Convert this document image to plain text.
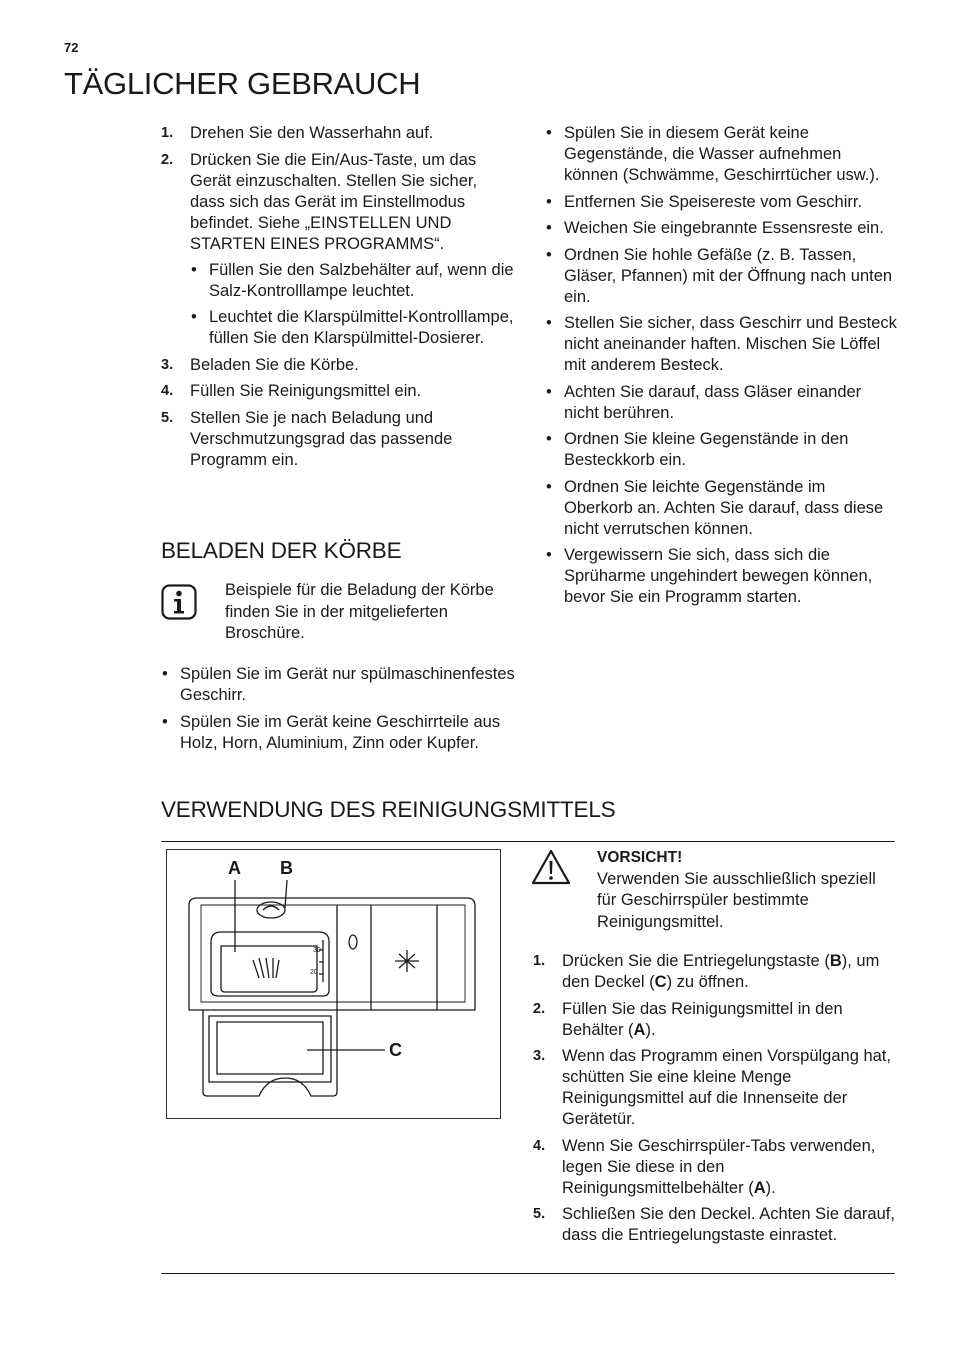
72
TÄGLICHER GEBRAUCH
1. Drehen Sie den Wasserhahn auf.
2. Drücken Sie die Ein/Aus-Taste, um das Gerät einzuschalten. Stellen Sie sicher, dass sich das Gerät im Einstellmodus befindet. Siehe „EINSTELLEN UND STARTEN EINES PROGRAMMS“.
• Füllen Sie den Salzbehälter auf, wenn die Salz-Kontrolllampe leuchtet.
• Leuchtet die Klarspülmittel-Kontrolllampe, füllen Sie den Klarspülmittel-Dosierer.
3. Beladen Sie die Körbe.
4. Füllen Sie Reinigungsmittel ein.
5. Stellen Sie je nach Beladung und Verschmutzungsgrad das passende Programm ein.
BELADEN DER KÖRBE
Beispiele für die Beladung der Körbe finden Sie in der mitgelieferten Broschüre.
• Spülen Sie im Gerät nur spülmaschinenfestes Geschirr.
• Spülen Sie im Gerät keine Geschirrteile aus Holz, Horn, Aluminium, Zinn oder Kupfer.
• Spülen Sie in diesem Gerät keine Gegenstände, die Wasser aufnehmen können (Schwämme, Geschirrtücher usw.).
• Entfernen Sie Speisereste vom Geschirr.
• Weichen Sie eingebrannte Essensreste ein.
• Ordnen Sie hohle Gefäße (z. B. Tassen, Gläser, Pfannen) mit der Öffnung nach unten ein.
• Stellen Sie sicher, dass Geschirr und Besteck nicht aneinander haften. Mischen Sie Löffel mit anderem Besteck.
• Achten Sie darauf, dass Gläser einander nicht berühren.
• Ordnen Sie kleine Gegenstände in den Besteckkorb ein.
• Ordnen Sie leichte Gegenstände im Oberkorb an. Achten Sie darauf, dass diese nicht verrutschen können.
• Vergewissern Sie sich, dass sich die Sprüharme ungehindert bewegen können, bevor Sie ein Programm starten.
VERWENDUNG DES REINIGUNGSMITTELS
A B
C
30
20
VORSICHT!
Verwenden Sie ausschließlich speziell für Geschirrspüler bestimmte Reinigungsmittel.
1. Drücken Sie die Entriegelungstaste (B), um den Deckel (C) zu öffnen.
2. Füllen Sie das Reinigungsmittel in den Behälter (A).
3. Wenn das Programm einen Vorspülgang hat, schütten Sie eine kleine Menge Reinigungsmittel auf die Innenseite der Gerätetür.
4. Wenn Sie Geschirrspüler-Tabs verwenden, legen Sie diese in den Reinigungsmittelbehälter (A).
5. Schließen Sie den Deckel. Achten Sie darauf, dass die Entriegelungstaste einrastet.
